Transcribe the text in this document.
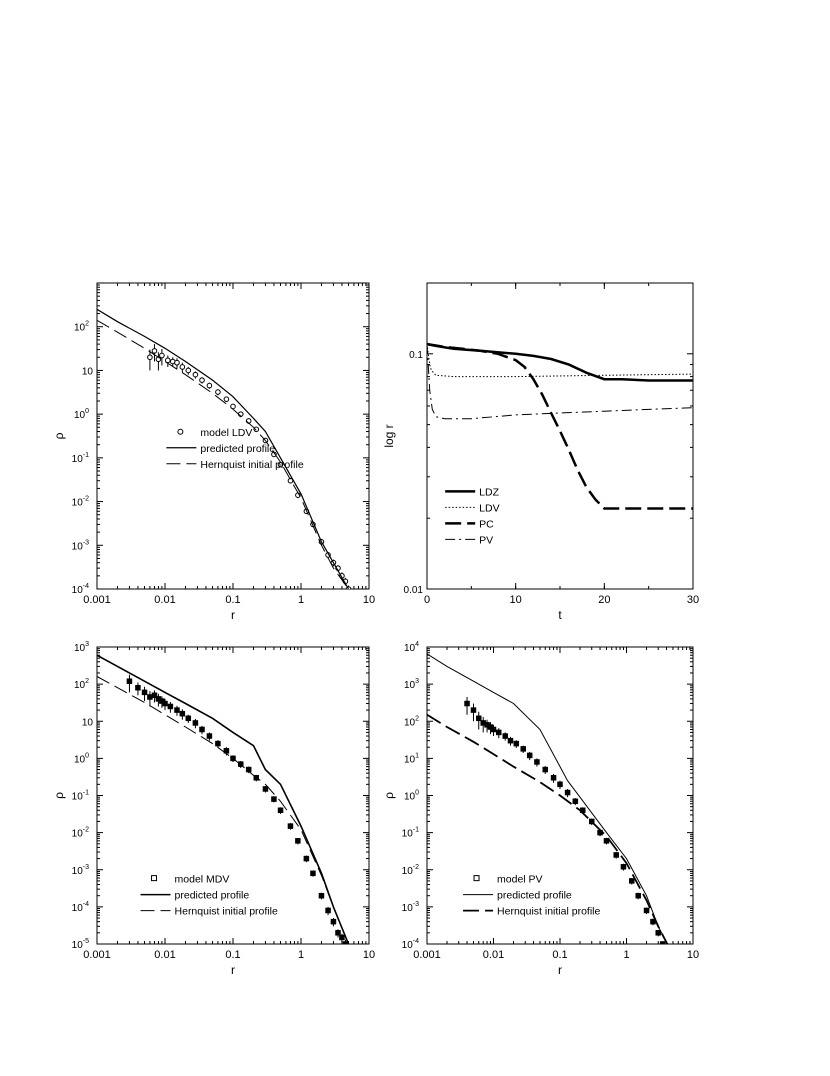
0.001	0.01	0.1	1	10
$10^{-4}$
$10^{-3}$
$10^{-2}$
$10^{-1}$
$10^0$
10
$10^2$
r
ρ	model LDV
predicted profile
Hernquist initial profile
0	10	20	30
0.01
0.1
t
log r
LDZ
LDV
PC
PV
0.001	0.01	0.1	1	10
$10^{-5}$
$10^{-4}$
$10^{-3}$
$10^{-2}$
$10^{-1}$
$10^0$
10
$10^2$
$10^3$
r
ρ
model MDV
predicted profile
Hernquist initial profile
0.001	0.01	0.1	1	10
$10^{-4}$
$10^{-3}$
$10^{-2}$
$10^{-1}$
$10^0$
$10^1$
$10^2$
$10^3$
$10^4$
r
ρ
model PV
predicted profile
Hernquist initial profile
